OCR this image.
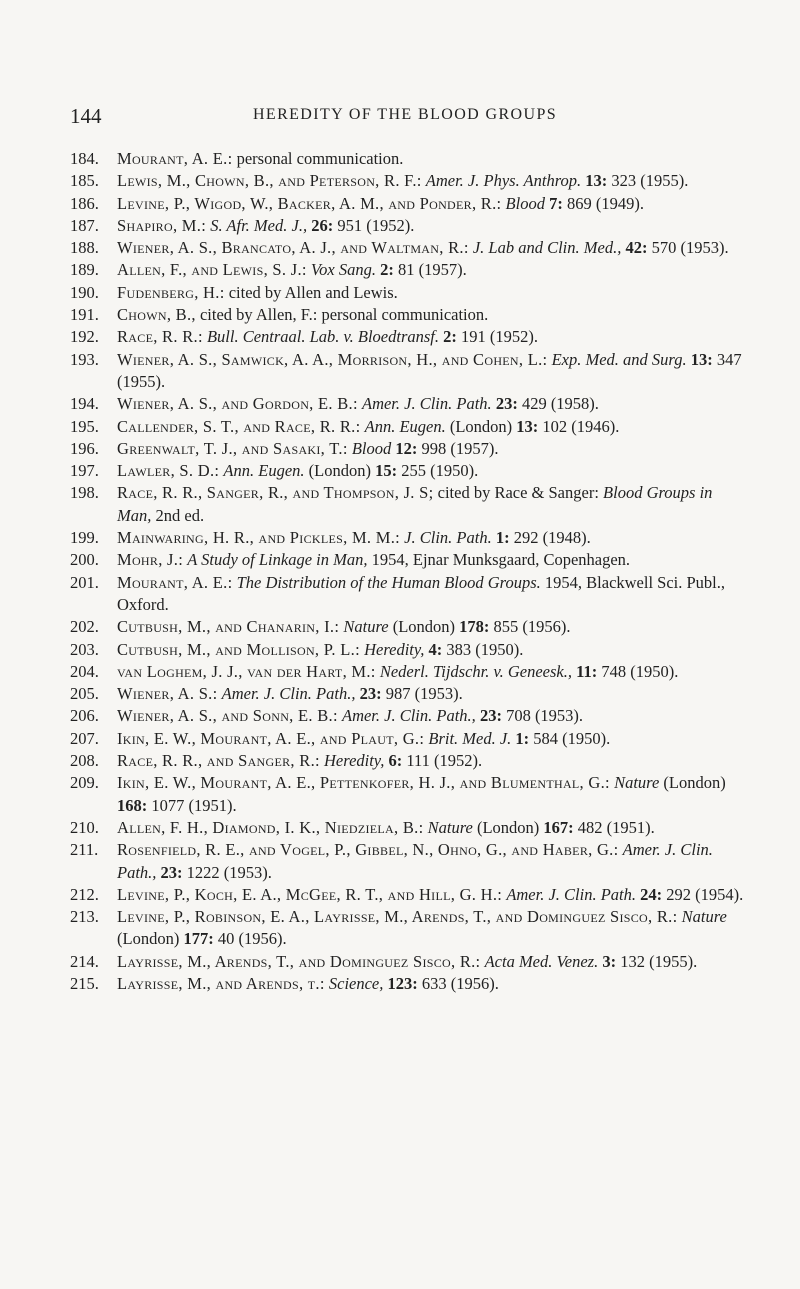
144	HEREDITY OF THE BLOOD GROUPS
184. Mourant, A. E.: personal communication.
185. Lewis, M., Chown, B., and Peterson, R. F.: Amer. J. Phys. Anthrop. 13: 323 (1955).
186. Levine, P., Wigod, W., Backer, A. M., and Ponder, R.: Blood 7: 869 (1949).
187. Shapiro, M.: S. Afr. Med. J., 26: 951 (1952).
188. Wiener, A. S., Brancato, A. J., and Waltman, R.: J. Lab and Clin. Med., 42: 570 (1953).
189. Allen, F., and Lewis, S. J.: Vox Sang. 2: 81 (1957).
190. Fudenberg, H.: cited by Allen and Lewis.
191. Chown, B., cited by Allen, F.: personal communication.
192. Race, R. R.: Bull. Centraal. Lab. v. Bloedtransf. 2: 191 (1952).
193. Wiener, A. S., Samwick, A. A., Morrison, H., and Cohen, L.: Exp. Med. and Surg. 13: 347 (1955).
194. Wiener, A. S., and Gordon, E. B.: Amer. J. Clin. Path. 23: 429 (1958).
195. Callender, S. T., and Race, R. R.: Ann. Eugen. (London) 13: 102 (1946).
196. Greenwalt, T. J., and Sasaki, T.: Blood 12: 998 (1957).
197. Lawler, S. D.: Ann. Eugen. (London) 15: 255 (1950).
198. Race, R. R., Sanger, R., and Thompson, J. S; cited by Race & Sanger: Blood Groups in Man, 2nd ed.
199. Mainwaring, H. R., and Pickles, M. M.: J. Clin. Path. 1: 292 (1948).
200. Mohr, J.: A Study of Linkage in Man, 1954, Ejnar Munksgaard, Copenhagen.
201. Mourant, A. E.: The Distribution of the Human Blood Groups. 1954, Blackwell Sci. Publ., Oxford.
202. Cutbush, M., and Chanarin, I.: Nature (London) 178: 855 (1956).
203. Cutbush, M., and Mollison, P. L.: Heredity, 4: 383 (1950).
204. van Loghem, J. J., van der Hart, M.: Nederl. Tijdschr. v. Geneesk., 11: 748 (1950).
205. Wiener, A. S.: Amer. J. Clin. Path., 23: 987 (1953).
206. Wiener, A. S., and Sonn, E. B.: Amer. J. Clin. Path., 23: 708 (1953).
207. Ikin, E. W., Mourant, A. E., and Plaut, G.: Brit. Med. J. 1: 584 (1950).
208. Race, R. R., and Sanger, R.: Heredity, 6: 111 (1952).
209. Ikin, E. W., Mourant, A. E., Pettenkofer, H. J., and Blumenthal, G.: Nature (London) 168: 1077 (1951).
210. Allen, F. H., Diamond, I. K., Niedziela, B.: Nature (London) 167: 482 (1951).
211. Rosenfield, R. E., and Vogel, P., Gibbel, N., Ohno, G., and Haber, G.: Amer. J. Clin. Path., 23: 1222 (1953).
212. Levine, P., Koch, E. A., McGee, R. T., and Hill, G. H.: Amer. J. Clin. Path. 24: 292 (1954).
213. Levine, P., Robinson, E. A., Layrisse, M., Arends, T., and Dominguez Sisco, R.: Nature (London) 177: 40 (1956).
214. Layrisse, M., Arends, T., and Dominguez Sisco, R.: Acta Med. Venez. 3: 132 (1955).
215. Layrisse, M., and Arends, t.: Science, 123: 633 (1956).
